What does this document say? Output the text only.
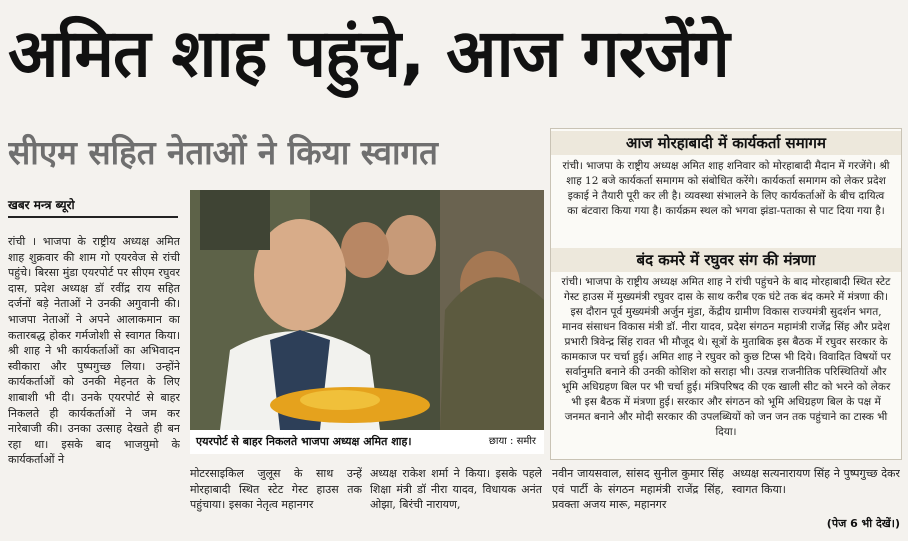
अमित शाह पहुंचे, आज गरजेंगे
सीएम सहित नेताओं ने किया स्वागत
खबर मन्त्र ब्यूरो
रांची । भाजपा के राष्ट्रीय अध्यक्ष अमित शाह शुक्रवार की शाम गो एयरवेज से रांची पहुंचे। बिरसा मुंडा एयरपोर्ट पर सीएम रघुवर दास, प्रदेश अध्यक्ष डॉ रवींद्र राय सहित दर्जनों बड़े नेताओं ने उनकी अगुवानी की। भाजपा नेताओं ने अपने आलाकमान का कतारबद्ध होकर गर्मजोशी से स्वागत किया। श्री शाह ने भी कार्यकर्ताओं का अभिवादन स्वीकारा और पुष्पगुच्छ लिया। उन्होंने कार्यकर्ताओं को उनकी मेहनत के लिए शाबाशी भी दी। उनके एयरपोर्ट से बाहर निकलते ही कार्यकर्ताओं ने जम कर नारेबाजी की। उनका उत्साह देखते ही बन रहा था। इसके बाद भाजयुमो के कार्यकर्ताओं ने
एयरपोर्ट से बाहर निकलते भाजपा अध्यक्ष अमित शाह।	छाया : समीर
मोटरसाइकिल जुलूस के साथ उन्हें मोरहाबादी स्थित स्टेट गेस्ट हाउस तक पहुंचाया। इसका नेतृत्व महानगर
अध्यक्ष राकेश शर्मा ने किया। इसके पहले शिक्षा मंत्री डॉ नीरा यादव, विधायक अनंत ओझा, बिरंची नारायण,
नवीन जायसवाल, सांसद सुनील कुमार सिंह एवं पार्टी के संगठन महामंत्री राजेंद्र सिंह, प्रवक्ता अजय मारू, महानगर
अध्यक्ष सत्यनारायण सिंह ने पुष्पगुच्छ देकर स्वागत किया।
आज मोरहाबादी में कार्यकर्ता समागम
रांची। भाजपा के राष्ट्रीय अध्यक्ष अमित शाह शनिवार को मोरहाबादी मैदान में गरजेंगे। श्री शाह 12 बजे कार्यकर्ता समागम को संबोधित करेंगे। कार्यकर्ता समागम को लेकर प्रदेश इकाई ने तैयारी पूरी कर ली है। व्यवस्था संभालने के लिए कार्यकर्ताओं के बीच दायित्व का बंटवारा किया गया है। कार्यक्रम स्थल को भगवा झंडा-पताका से पाट दिया गया है।
बंद कमरे में रघुवर संग की मंत्रणा
रांची। भाजपा के राष्ट्रीय अध्यक्ष अमित शाह ने रांची पहुंचने के बाद मोरहाबादी स्थित स्टेट गेस्ट हाउस में मुख्यमंत्री रघुवर दास के साथ करीब एक घंटे तक बंद कमरे में मंत्रणा की। इस दौरान पूर्व मुख्यमंत्री अर्जुन मुंडा, केंद्रीय ग्रामीण विकास राज्यमंत्री सुदर्शन भगत, मानव संसाधन विकास मंत्री डॉ. नीरा यादव, प्रदेश संगठन महामंत्री राजेंद्र सिंह और प्रदेश प्रभारी त्रिवेन्द्र सिंह रावत भी मौजूद थे। सूत्रों के मुताबिक इस बैठक में रघुवर सरकार के कामकाज पर चर्चा हुई। अमित शाह ने रघुवर को कुछ टिप्स भी दिये। विवादित विषयों पर सर्वानुमति बनाने की उनकी कोशिश को सराहा भी। उत्पन्न राजनीतिक परिस्थितियों और भूमि अधिग्रहण बिल पर भी चर्चा हुई। मंत्रिपरिषद की एक खाली सीट को भरने को लेकर भी इस बैठक में मंत्रणा हुई। सरकार और संगठन को भूमि अधिग्रहण बिल के पक्ष में जनमत बनाने और मोदी सरकार की उपलब्धियों को जन जन तक पहुंचाने का टास्क भी दिया।
(पेज 6 भी देखें।)
